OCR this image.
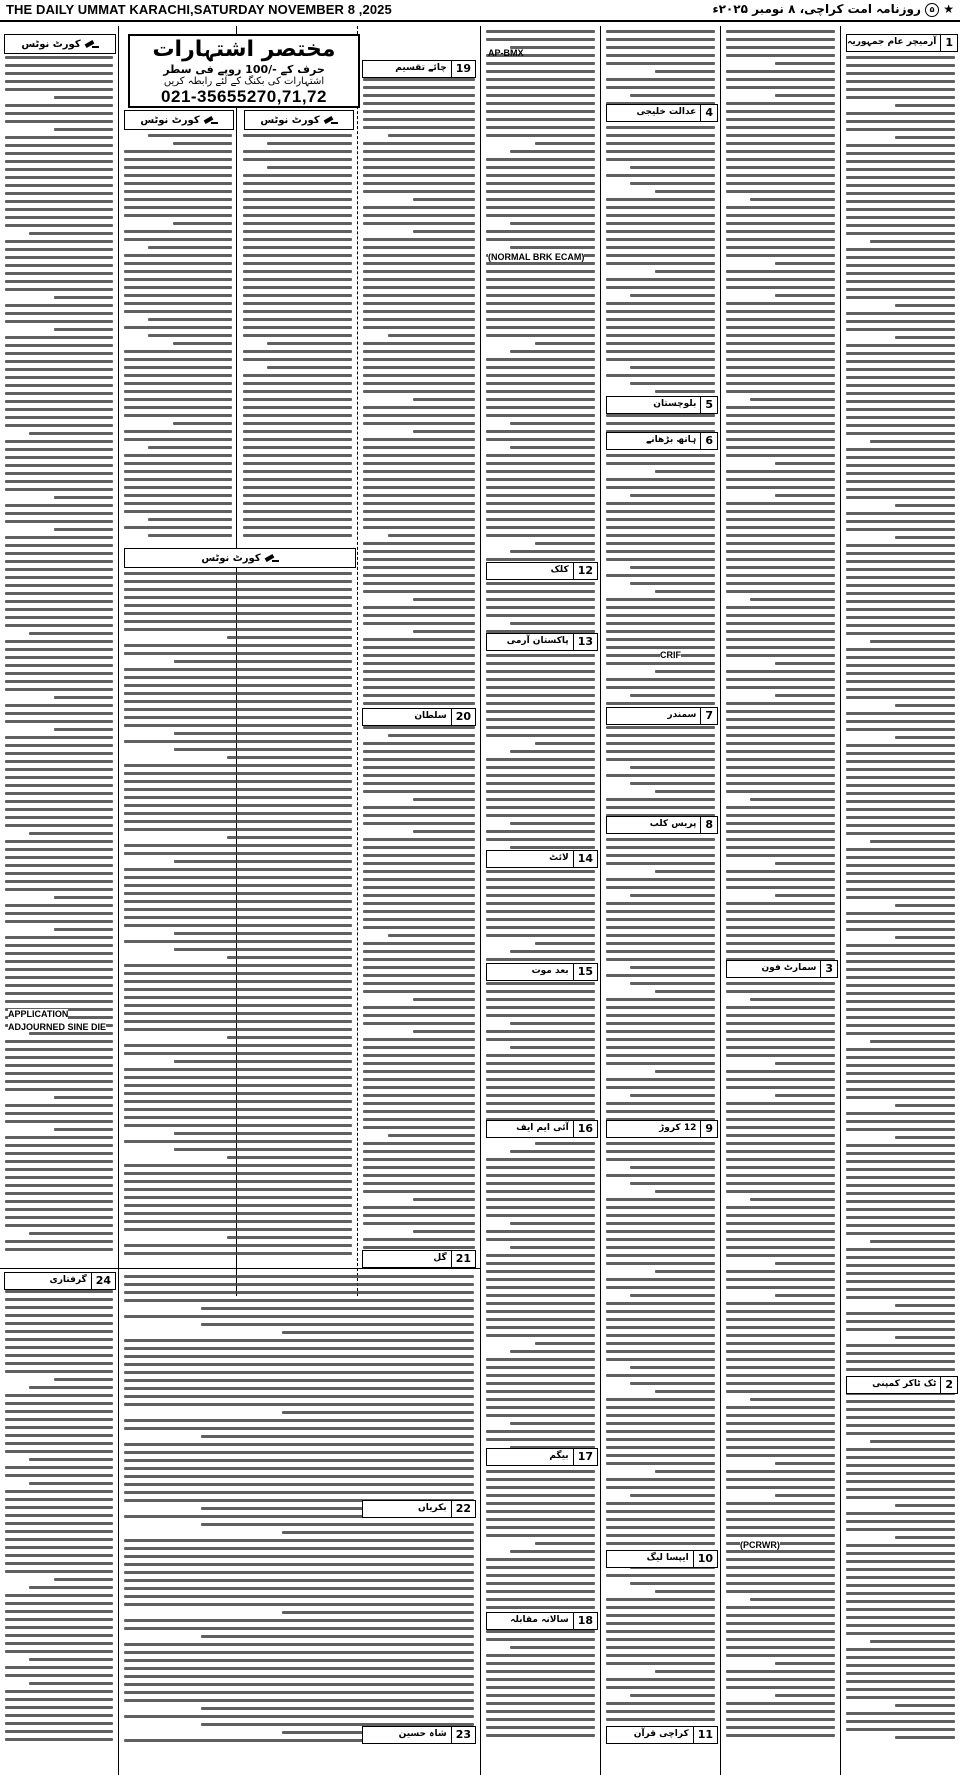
THE DAILY UMMAT KARACHI,SATURDAY NOVEMBER 8 ,2025	★ ۵ روزنامہ امت کراچی، ۸ نومبر ۲۰۲۵ء
مختصر اشتہارات
حرف کے -/100 روپے فی سطر
اشتہارات کی بکنگ کے لئے رابطہ کریں
021-35655270,71,72
کورٹ نوٹس
کورٹ نوٹس
کورٹ نوٹس
کورٹ نوٹس
19
چائے تقسیم
20
سلطان
21
گل
22
بکریاں
23
شاہ حسین
24
گرفتاری
1
آرمیچر عام جمہوریہ
2
ٹک ٹاکر کمپنی
3
سمارٹ فون
4
عدالت خلیجی
5
بلوچستان
6
ہاتھ بڑھانے
7
سمندر
8
پریس کلب
9
12 کروڑ
10
ایپسا لیگ
11
کراچی قرآن
12
کلک
13
پاکستان آرمی
14
لائٹ
15
بعد موت
16
آئی ایم ایف
17
بیگم
18
سالانہ مقابلہ
AP-BMX
(NORMAL BRK ECAM)
APPLICATION
ADJOURNED SINE DIE
CRIF
(PCRWR)
